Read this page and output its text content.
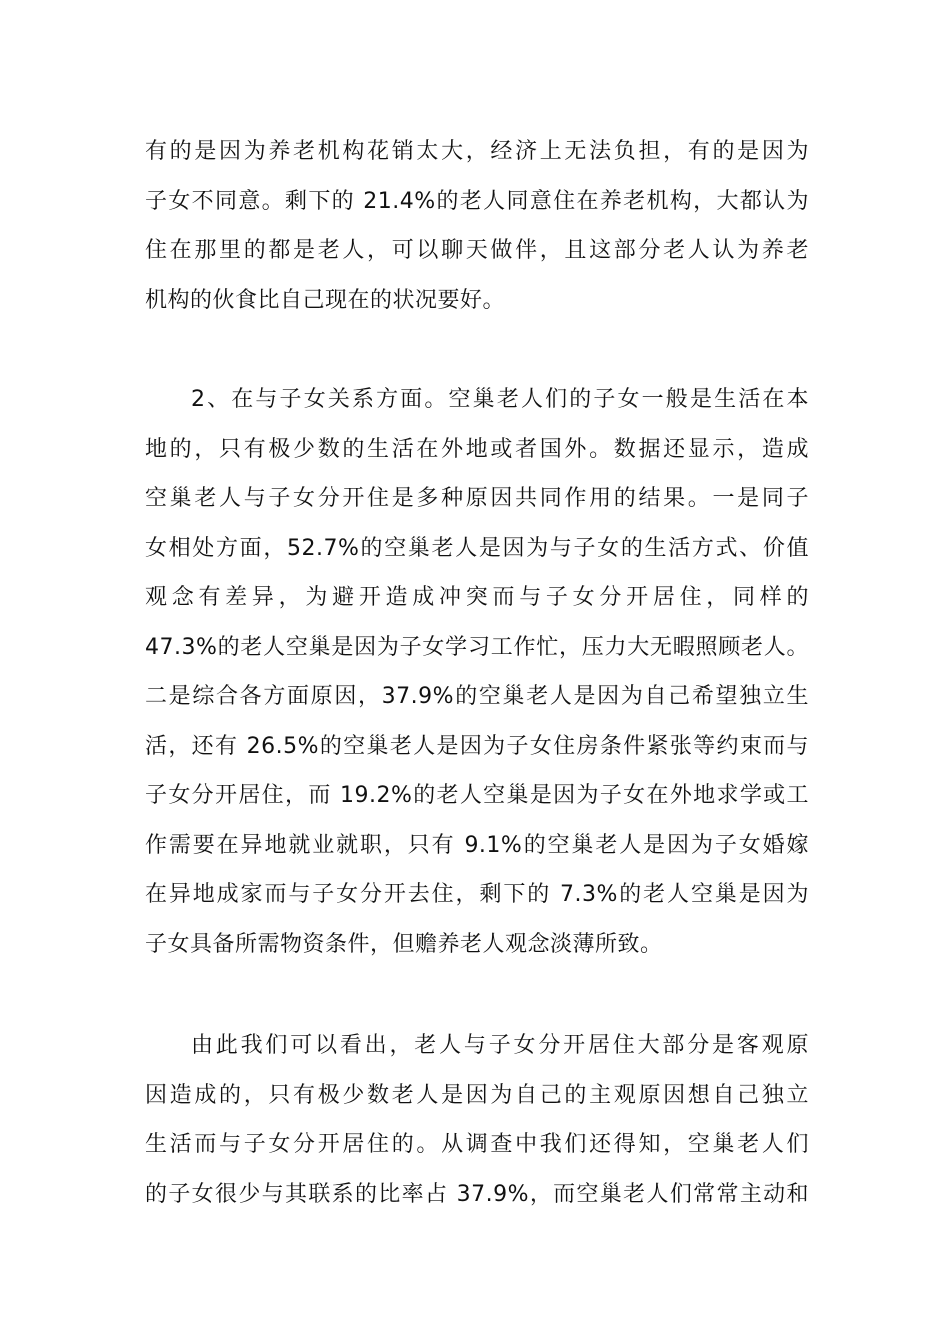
有的是因为养老机构花销太大，经济上无法负担，有的是因为
子女不同意。剩下的 21.4%的老人同意住在养老机构，大都认为
住在那里的都是老人，可以聊天做伴，且这部分老人认为养老
机构的伙食比自己现在的状况要好。
2、在与子女关系方面。空巢老人们的子女一般是生活在本
地的，只有极少数的生活在外地或者国外。数据还显示，造成
空巢老人与子女分开住是多种原因共同作用的结果。一是同子
女相处方面，52.7%的空巢老人是因为与子女的生活方式、价值
观念有差异，为避开造成冲突而与子女分开居住，同样的
47.3%的老人空巢是因为子女学习工作忙，压力大无暇照顾老人。
二是综合各方面原因，37.9%的空巢老人是因为自己希望独立生
活，还有 26.5%的空巢老人是因为子女住房条件紧张等约束而与
子女分开居住，而 19.2%的老人空巢是因为子女在外地求学或工
作需要在异地就业就职，只有 9.1%的空巢老人是因为子女婚嫁
在异地成家而与子女分开去住，剩下的 7.3%的老人空巢是因为
子女具备所需物资条件，但赡养老人观念淡薄所致。
由此我们可以看出，老人与子女分开居住大部分是客观原
因造成的，只有极少数老人是因为自己的主观原因想自己独立
生活而与子女分开居住的。从调查中我们还得知，空巢老人们
的子女很少与其联系的比率占 37.9%，而空巢老人们常常主动和
